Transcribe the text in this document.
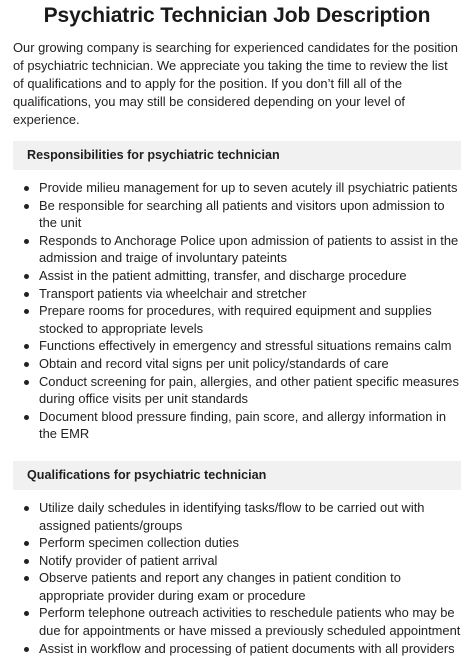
Psychiatric Technician Job Description

Our growing company is searching for experienced candidates for the position of psychiatric technician. We appreciate you taking the time to review the list of qualifications and to apply for the position. If you don’t fill all of the qualifications, you may still be considered depending on your level of experience.

Responsibilities for psychiatric technician
Provide milieu management for up to seven acutely ill psychiatric patients
Be responsible for searching all patients and visitors upon admission to the unit
Responds to Anchorage Police upon admission of patients to assist in the admission and traige of involuntary pateints
Assist in the patient admitting, transfer, and discharge procedure
Transport patients via wheelchair and stretcher
Prepare rooms for procedures, with required equipment and supplies stocked to appropriate levels
Functions effectively in emergency and stressful situations remains calm
Obtain and record vital signs per unit policy/standards of care
Conduct screening for pain, allergies, and other patient specific measures during office visits per unit standards
Document blood pressure finding, pain score, and allergy information in the EMR
Qualifications for psychiatric technician
Utilize daily schedules in identifying tasks/flow to be carried out with assigned patients/groups
Perform specimen collection duties
Notify provider of patient arrival
Observe patients and report any changes in patient condition to appropriate provider during exam or procedure
Perform telephone outreach activities to reschedule patients who may be due for appointments or have missed a previously scheduled appointment
Assist in workflow and processing of patient documents with all providers
